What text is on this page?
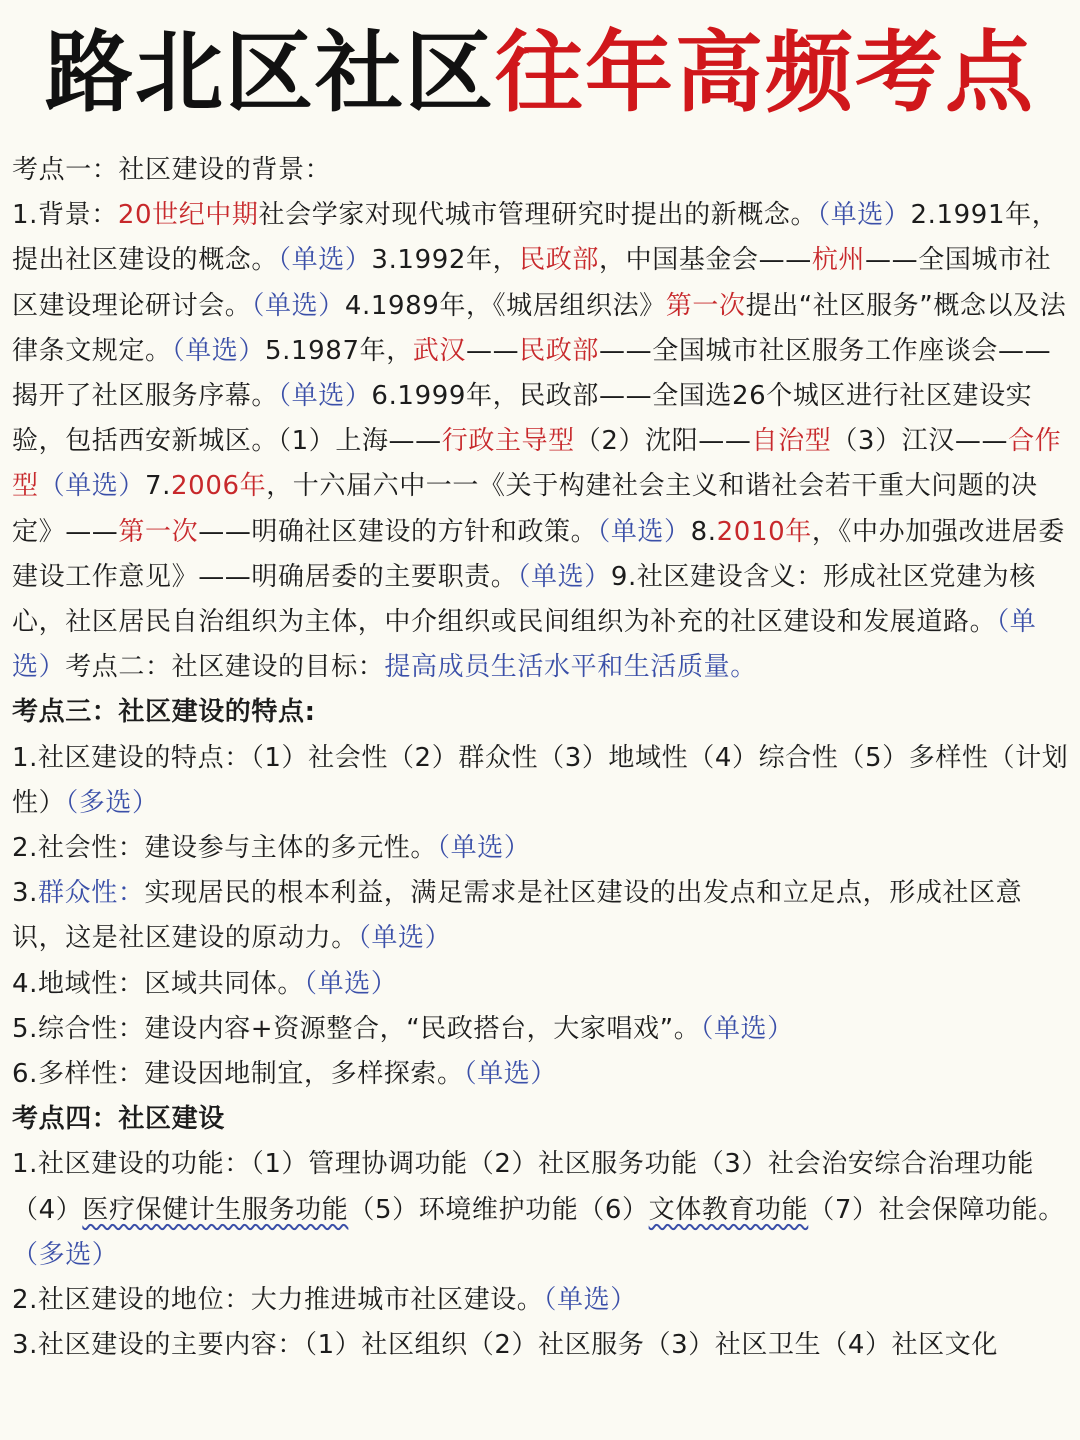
路北区社区往年高频考点

考点一：社区建设的背景：

1.背景：20世纪中期社会学家对现代城市管理研究时提出的新概念。（单选）2.1991年，提出社区建设的概念。（单选）3.1992年，民政部，中国基金会——杭州——全国城市社区建设理论研讨会。（单选）4.1989年，《城居组织法》第一次提出“社区服务”概念以及法律条文规定。（单选）5.1987年，武汉——民政部——全国城市社区服务工作座谈会——揭开了社区服务序幕。（单选）6.1999年，民政部——全国选26个城区进行社区建设实验，包括西安新城区。（1）上海——行政主导型（2）沈阳——自治型（3）江汉——合作型（单选）7.2006年，十六届六中一一《关于构建社会主义和谐社会若干重大问题的决定》——第一次——明确社区建设的方针和政策。（单选）8.2010年，《中办加强改进居委建设工作意见》——明确居委的主要职责。（单选）9.社区建设含义：形成社区党建为核心，社区居民自治组织为主体，中介组织或民间组织为补充的社区建设和发展道路。（单选）考点二：社区建设的目标：提高成员生活水平和生活质量。

考点三：社区建设的特点:

1.社区建设的特点：（1）社会性（2）群众性（3）地域性（4）综合性（5）多样性（计划性）（多选）

2.社会性：建设参与主体的多元性。（单选）

3.群众性：实现居民的根本利益，满足需求是社区建设的出发点和立足点，形成社区意识，这是社区建设的原动力。（单选）

4.地域性：区域共同体。（单选）

5.综合性：建设内容+资源整合，“民政搭台，大家唱戏”。（单选）

6.多样性：建设因地制宜，多样探索。（单选）

考点四：社区建设

1.社区建设的功能：（1）管理协调功能（2）社区服务功能（3）社会治安综合治理功能（4）医疗保健计生服务功能（5）环境维护功能（6）文体教育功能（7）社会保障功能。（多选）

2.社区建设的地位：大力推进城市社区建设。（单选）

3.社区建设的主要内容：（1）社区组织（2）社区服务（3）社区卫生（4）社区文化
